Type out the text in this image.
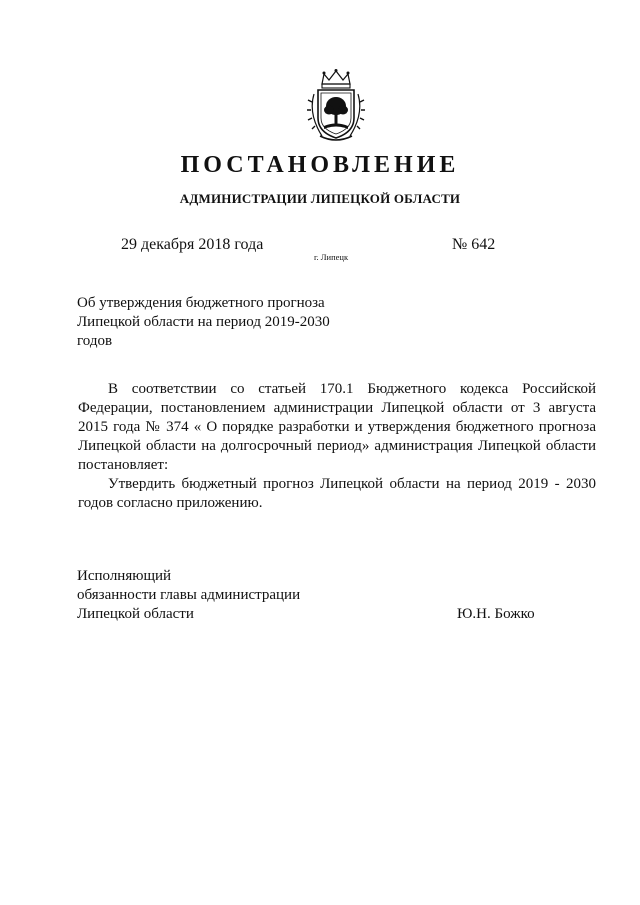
ПОСТАНОВЛЕНИЕ
АДМИНИСТРАЦИИ ЛИПЕЦКОЙ ОБЛАСТИ
29 декабря 2018 года
г. Липецк
№ 642
Об утверждения бюджетного прогноза
Липецкой области на период 2019-2030
годов
В соответствии со статьей 170.1 Бюджетного кодекса Российской
Федерации, постановлением администрации Липецкой области от 3 августа
2015 года № 374 « О порядке разработки и утверждения бюджетного прогноза
Липецкой области на долгосрочный период» администрация Липецкой области
постановляет:
Утвердить бюджетный прогноз Липецкой области на период 2019 - 2030
годов согласно приложению.
Исполняющий
обязанности главы администрации
Липецкой области	Ю.Н. Божко
